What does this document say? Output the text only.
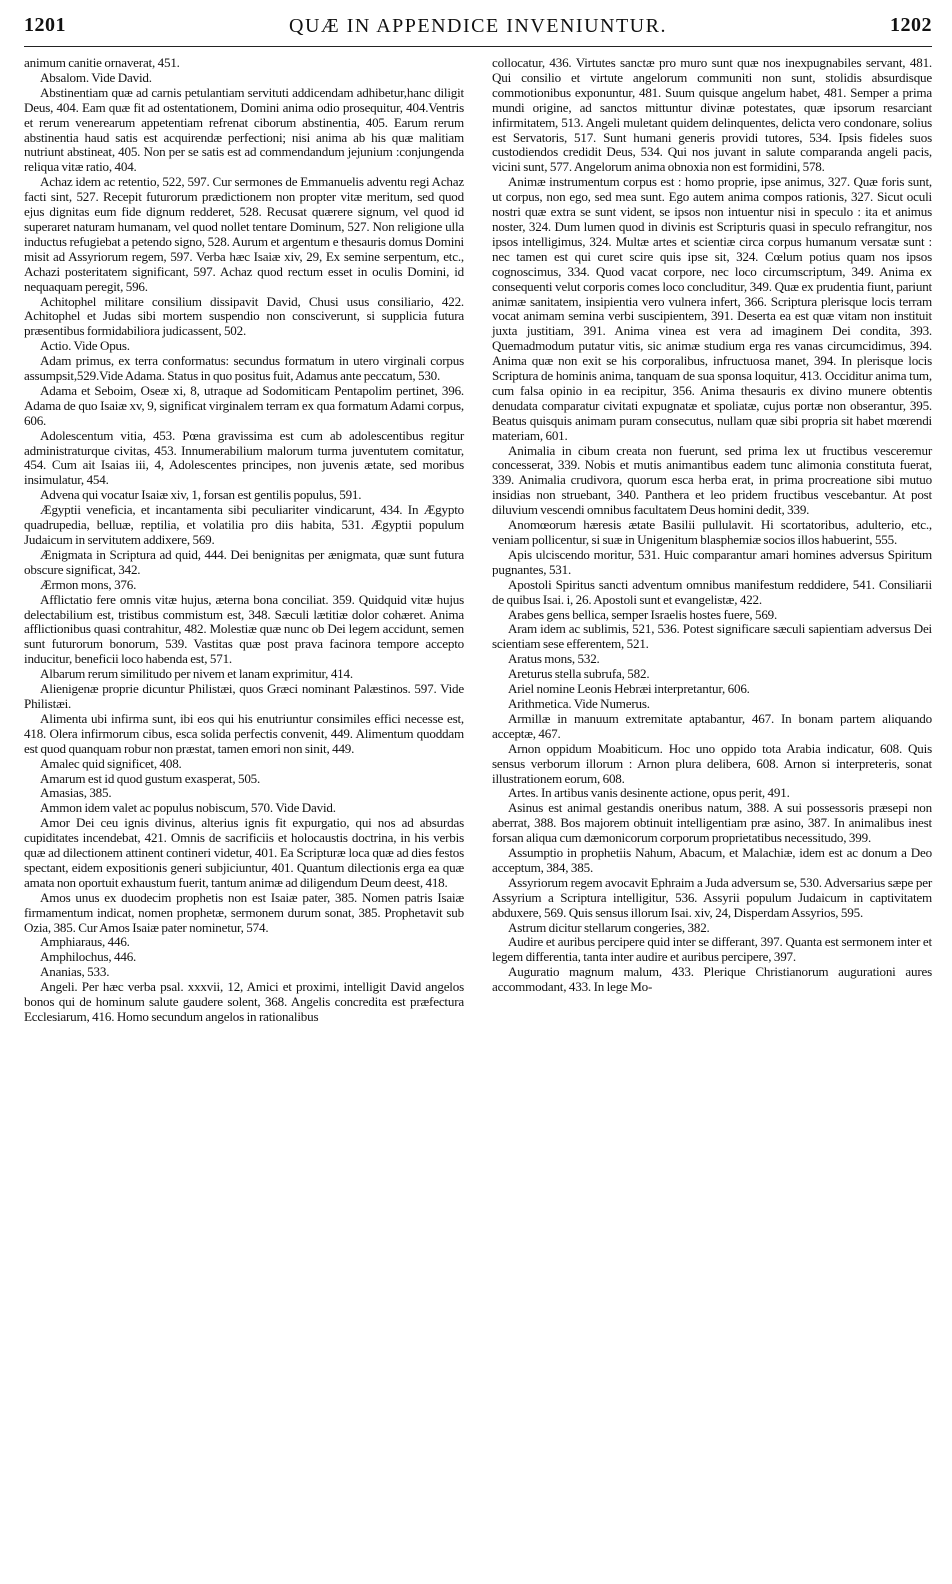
1201	QUÆ IN APPENDICE INVENIUNTUR.	1202

animum canitie ornaverat, 451.

Absalom. Vide David.

Abstinentiam quæ ad carnis petulantiam servituti addicendam adhibetur,hanc diligit Deus, 404. Eam quæ fit ad ostentationem, Domini anima odio prosequitur, 404.Ventris et rerum venerearum appetentiam refrenat ciborum abstinentia, 405. Earum rerum abstinentia haud satis est acquirendæ perfectioni; nisi anima ab his quæ malitiam nutriunt abstineat, 405. Non per se satis est ad commendandum jejunium :conjungenda reliqua vitæ ratio, 404.

Achaz idem ac retentio, 522, 597. Cur sermones de Emmanuelis adventu regi Achaz facti sint, 527. Recepit futurorum prædictionem non propter vitæ meritum, sed quod ejus dignitas eum fide dignum redderet, 528. Recusat quærere signum, vel quod id superaret naturam humanam, vel quod nollet tentare Dominum, 527. Non religione ulla inductus refugiebat a petendo signo, 528. Aurum et argentum e thesauris domus Domini misit ad Assyriorum regem, 597. Verba hæc Isaiæ xiv, 29, Ex semine serpentum, etc., Achazi posteritatem significant, 597. Achaz quod rectum esset in oculis Domini, id nequaquam peregit, 596.

Achitophel militare consilium dissipavit David, Chusi usus consiliario, 422. Achitophel et Judas sibi mortem suspendio non consciverunt, si supplicia futura præsentibus formidabiliora judicassent, 502.

Actio. Vide Opus.

Adam primus, ex terra conformatus: secundus formatum in utero virginali corpus assumpsit,529.Vide Adama. Status in quo positus fuit, Adamus ante peccatum, 530.

Adama et Seboim, Oseæ xi, 8, utraque ad Sodomiticam Pentapolim pertinet, 396. Adama de quo Isaiæ xv, 9, significat virginalem terram ex qua formatum Adami corpus, 606.

Adolescentum vitia, 453. Pœna gravissima est cum ab adolescentibus regitur administraturque civitas, 453. Innumerabilium malorum turma juventutem comitatur, 454. Cum ait Isaias iii, 4, Adolescentes principes, non juvenis ætate, sed moribus insimulatur, 454.

Advena qui vocatur Isaiæ xiv, 1, forsan est gentilis populus, 591.

Ægyptii veneficia, et incantamenta sibi peculiariter vindicarunt, 434. In Ægypto quadrupedia, belluæ, reptilia, et volatilia pro diis habita, 531. Ægyptii populum Judaicum in servitutem addixere, 569.

Ænigmata in Scriptura ad quid, 444. Dei benignitas per ænigmata, quæ sunt futura obscure significat, 342.

Ærmon mons, 376.

Afflictatio fere omnis vitæ hujus, æterna bona conciliat. 359. Quidquid vitæ hujus delectabilium est, tristibus commistum est, 348. Sæculi lætitiæ dolor cohæret. Anima afflictionibus quasi contrahitur, 482. Molestiæ quæ nunc ob Dei legem accidunt, semen sunt futurorum bonorum, 539. Vastitas quæ post prava facinora tempore accepto inducitur, beneficii loco habenda est, 571.

Albarum rerum similitudo per nivem et lanam exprimitur, 414.

Alienigenæ proprie dicuntur Philistæi, quos Græci nominant Palæstinos. 597. Vide Philistæi.

Alimenta ubi infirma sunt, ibi eos qui his enutriuntur consimiles effici necesse est, 418. Olera infirmorum cibus, esca solida perfectis convenit, 449. Alimentum quoddam est quod quanquam robur non præstat, tamen emori non sinit, 449.

Amalec quid significet, 408.

Amarum est id quod gustum exasperat, 505.

Amasias, 385.

Ammon idem valet ac populus nobiscum, 570. Vide David.

Amor Dei ceu ignis divinus, alterius ignis fit expurgatio, qui nos ad absurdas cupiditates incendebat, 421. Omnis de sacrificiis et holocaustis doctrina, in his verbis quæ ad dilectionem attinent contineri videtur, 401. Ea Scripturæ loca quæ ad dies festos spectant, eidem expositionis generi subjiciuntur, 401. Quantum dilectionis erga ea quæ amata non oportuit exhaustum fuerit, tantum animæ ad diligendum Deum deest, 418.

Amos unus ex duodecim prophetis non est Isaiæ pater, 385. Nomen patris Isaiæ firmamentum indicat, nomen prophetæ, sermonem durum sonat, 385. Prophetavit sub Ozia, 385. Cur Amos Isaiæ pater nominetur, 574.

Amphiaraus, 446.

Amphilochus, 446.

Ananias, 533.

Angeli. Per hæc verba psal. xxxvii, 12, Amici et proximi, intelligit David angelos bonos qui de hominum salute gaudere solent, 368. Angelis concredita est præfectura Ecclesiarum, 416. Homo secundum angelos in rationalibus

collocatur, 436. Virtutes sanctæ pro muro sunt quæ nos inexpugnabiles servant, 481. Qui consilio et virtute angelorum communiti non sunt, stolidis absurdisque commotionibus exponuntur, 481. Suum quisque angelum habet, 481. Semper a prima mundi origine, ad sanctos mittuntur divinæ potestates, quæ ipsorum resarciant infirmitatem, 513. Angeli muletant quidem delinquentes, delicta vero condonare, solius est Servatoris, 517. Sunt humani generis providi tutores, 534. Ipsis fideles suos custodiendos credidit Deus, 534. Qui nos juvant in salute comparanda angeli pacis, vicini sunt, 577. Angelorum anima obnoxia non est formidini, 578.

Animæ instrumentum corpus est : homo proprie, ipse animus, 327. Quæ foris sunt, ut corpus, non ego, sed mea sunt. Ego autem anima compos rationis, 327. Sicut oculi nostri quæ extra se sunt vident, se ipsos non intuentur nisi in speculo : ita et animus noster, 324. Dum lumen quod in divinis est Scripturis quasi in speculo refrangitur, nos ipsos intelligimus, 324. Multæ artes et scientiæ circa corpus humanum versatæ sunt : nec tamen est qui curet scire quis ipse sit, 324. Cœlum potius quam nos ipsos cognoscimus, 334. Quod vacat corpore, nec loco circumscriptum, 349. Anima ex consequenti velut corporis comes loco concluditur, 349. Quæ ex prudentia fiunt, pariunt animæ sanitatem, insipientia vero vulnera infert, 366. Scriptura plerisque locis terram vocat animam semina verbi suscipientem, 391. Deserta ea est quæ vitam non instituit juxta justitiam, 391. Anima vinea est vera ad imaginem Dei condita, 393. Quemadmodum putatur vitis, sic animæ studium erga res vanas circumcidimus, 394. Anima quæ non exit se his corporalibus, infructuosa manet, 394. In plerisque locis Scriptura de hominis anima, tanquam de sua sponsa loquitur, 413. Occiditur anima tum, cum falsa opinio in ea recipitur, 356. Anima thesauris ex divino munere obtentis denudata comparatur civitati expugnatæ et spoliatæ, cujus portæ non obserantur, 395. Beatus quisquis animam puram consecutus, nullam quæ sibi propria sit habet mœrendi materiam, 601.

Animalia in cibum creata non fuerunt, sed prima lex ut fructibus vesceremur concesserat, 339. Nobis et mutis animantibus eadem tunc alimonia constituta fuerat, 339. Animalia crudivora, quorum esca herba erat, in prima procreatione sibi mutuo insidias non struebant, 340. Panthera et leo pridem fructibus vescebantur. At post diluvium vescendi omnibus facultatem Deus homini dedit, 339.

Anomœorum hæresis ætate Basilii pullulavit. Hi scortatoribus, adulterio, etc., veniam pollicentur, si suæ in Unigenitum blasphemiæ socios illos habuerint, 555.

Apis ulciscendo moritur, 531. Huic comparantur amari homines adversus Spiritum pugnantes, 531.

Apostoli Spiritus sancti adventum omnibus manifestum reddidere, 541. Consiliarii de quibus Isai. i, 26. Apostoli sunt et evangelistæ, 422.

Arabes gens bellica, semper Israelis hostes fuere, 569.

Aram idem ac sublimis, 521, 536. Potest significare sæculi sapientiam adversus Dei scientiam sese efferentem, 521.

Aratus mons, 532.

Areturus stella subrufa, 582.

Ariel nomine Leonis Hebræi interpretantur, 606.

Arithmetica. Vide Numerus.

Armillæ in manuum extremitate aptabantur, 467. In bonam partem aliquando acceptæ, 467.

Arnon oppidum Moabiticum. Hoc uno oppido tota Arabia indicatur, 608. Quis sensus verborum illorum : Arnon plura delibera, 608. Arnon si interpreteris, sonat illustrationem eorum, 608.

Artes. In artibus vanis desinente actione, opus perit, 491.

Asinus est animal gestandis oneribus natum, 388. A sui possessoris præsepi non aberrat, 388. Bos majorem obtinuit intelligentiam præ asino, 387. In animalibus inest forsan aliqua cum dæmonicorum corporum proprietatibus necessitudo, 399.

Assumptio in prophetiis Nahum, Abacum, et Malachiæ, idem est ac donum a Deo acceptum, 384, 385.

Assyriorum regem avocavit Ephraim a Juda adversum se, 530. Adversarius sæpe per Assyrium a Scriptura intelligitur, 536. Assyrii populum Judaicum in captivitatem abduxere, 569. Quis sensus illorum Isai. xiv, 24, Disperdam Assyrios, 595.

Astrum dicitur stellarum congeries, 382.

Audire et auribus percipere quid inter se differant, 397. Quanta est sermonem inter et legem differentia, tanta inter audire et auribus percipere, 397.

Auguratio magnum malum, 433. Plerique Christianorum augurationi aures accommodant, 433. In lege Mo-
